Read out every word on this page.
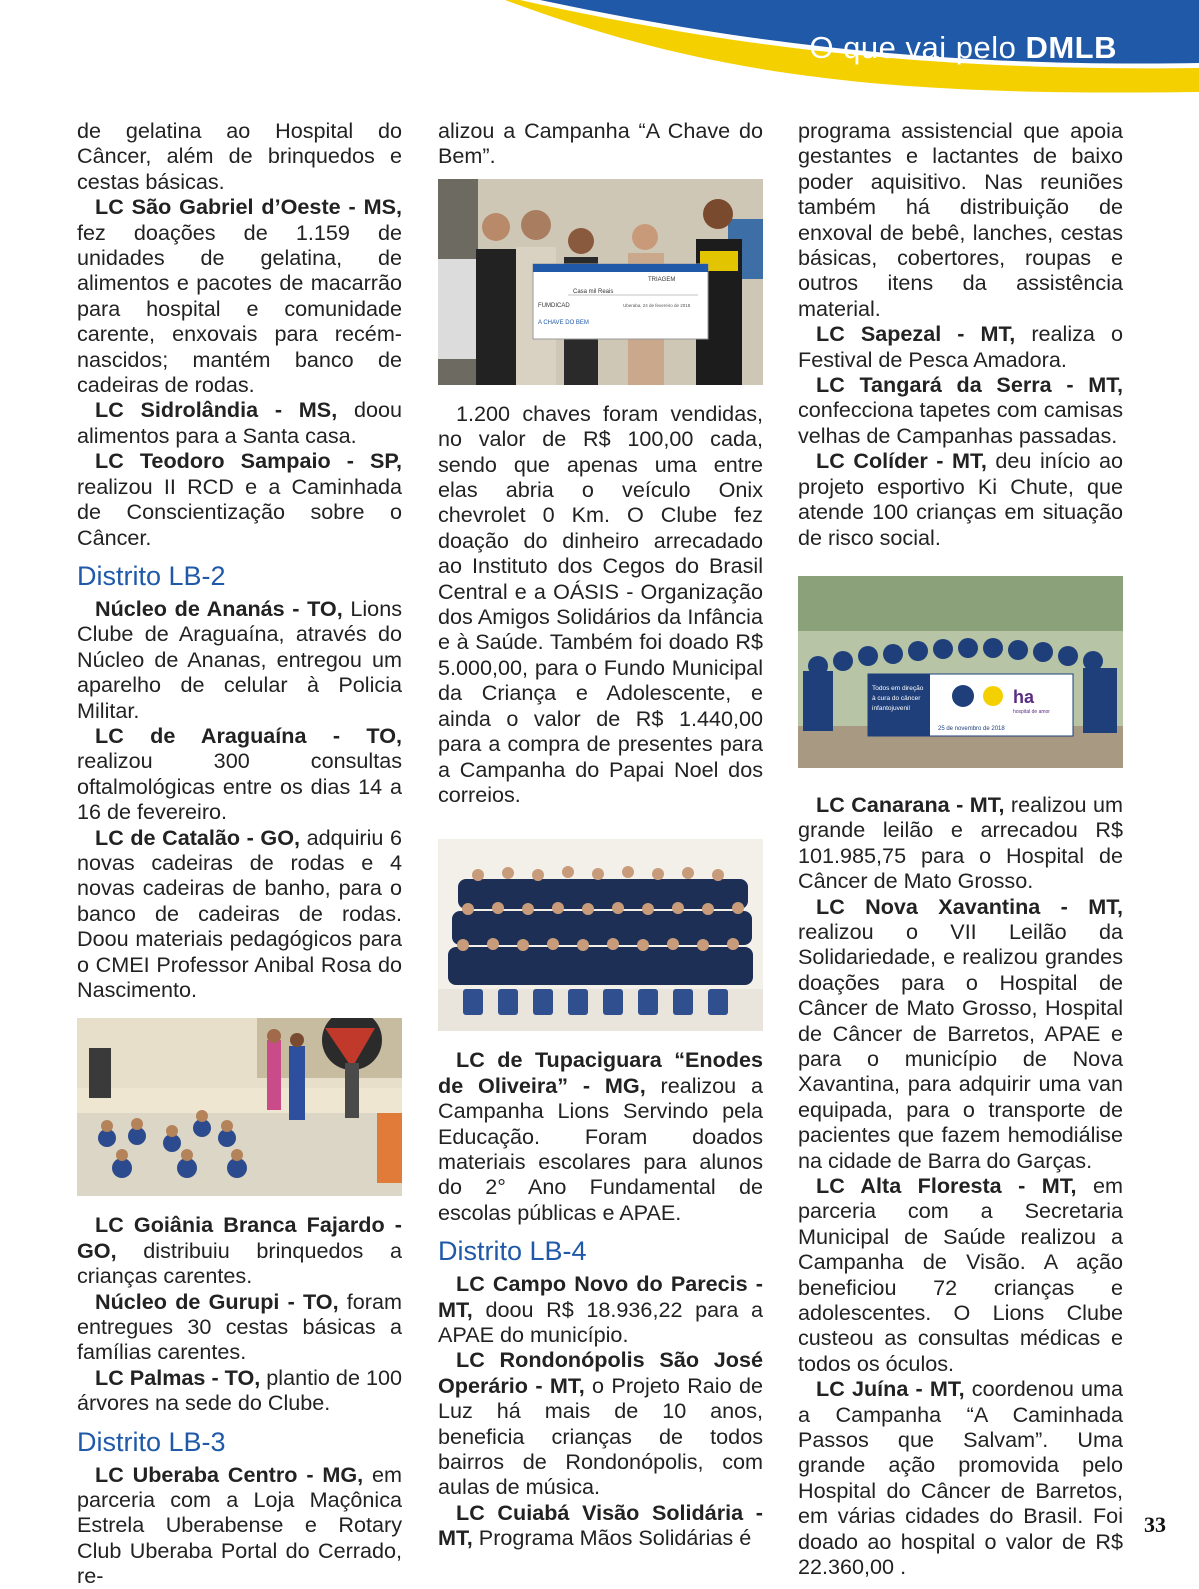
O que vai pelo DMLB

de gelatina ao Hospital do Câncer, além de brinquedos e cestas básicas.

LC São Gabriel d’Oeste - MS, fez doações de 1.159 de unidades de gelatina, de alimentos e pacotes de macarrão para hospital e comunidade carente, enxovais para recém-nascidos; mantém banco de cadeiras de rodas.

LC Sidrolândia - MS, doou alimentos para a Santa casa.

LC Teodoro Sampaio - SP, realizou II RCD e a Caminhada de Conscientização sobre o Câncer.

Distrito LB-2

Núcleo de Ananás - TO, Lions Clube de Araguaína, através do Núcleo de Ananas, entregou um aparelho de celular à Policia Militar.

LC de Araguaína - TO, realizou 300 consultas oftalmológicas entre os dias 14 a 16 de fevereiro.

LC de Catalão - GO, adquiriu 6 novas cadeiras de rodas e 4 novas cadeiras de banho, para o banco de cadeiras de rodas. Doou materiais pedagógicos para o CMEI Professor Anibal Rosa do Nascimento.

LC Goiânia Branca Fajardo - GO, distribuiu brinquedos a crianças carentes.

Núcleo de Gurupi - TO, foram entregues 30 cestas básicas a famílias carentes.

LC Palmas - TO, plantio de 100 árvores na sede do Clube.

Distrito LB-3

LC Uberaba Centro - MG, em parceria com a Loja Maçônica Estrela Uberabense e Rotary Club Uberaba Portal do Cerrado, re-

alizou a Campanha “A Chave do Bem”.

TRIAGEM
Casa mil Reais
FUMDICAD
A CHAVE DO BEM
Uberaba, 24 de fevereiro de 2018

1.200 chaves foram vendidas, no valor de R$ 100,00 cada, sendo que apenas uma entre elas abria o veículo Onix chevrolet 0 Km. O Clube fez doação do dinheiro arrecadado ao Instituto dos Cegos do Brasil Central e a OÁSIS - Organização dos Amigos Solidários da Infância e à Saúde. Também foi doado R$ 5.000,00, para o Fundo Municipal da Criança e Adolescente, e ainda o valor de R$ 1.440,00 para a compra de presentes para a Campanha do Papai Noel dos correios.

LC de Tupaciguara “Enodes de Oliveira” - MG, realizou a Campanha Lions Servindo pela Educação. Foram doados materiais escolares para alunos do 2° Ano Fundamental de escolas públicas e APAE.

Distrito LB-4

LC Campo Novo do Parecis - MT, doou R$ 18.936,22 para a APAE do município.

LC Rondonópolis São José Operário - MT, o Projeto Raio de Luz há mais de 10 anos, beneficia crianças de todos bairros de Rondonópolis, com aulas de música.

LC Cuiabá Visão Solidária - MT, Programa Mãos Solidárias é

programa assistencial que apoia gestantes e lactantes de baixo poder aquisitivo. Nas reuniões também há distribuição de enxoval de bebê, lanches, cestas básicas, cobertores, roupas e outros itens da assistência material.

LC Sapezal - MT, realiza o Festival de Pesca Amadora.

LC Tangará da Serra - MT, confecciona tapetes com camisas velhas de Campanhas passadas.

LC Colíder - MT, deu início ao projeto esportivo Ki Chute, que atende 100 crianças em situação de risco social.

Todos em direção
à cura do câncer
infantojuvenil
ha
hospital de amor
25 de novembro de 2018

LC Canarana - MT, realizou um grande leilão e arrecadou R$ 101.985,75 para o Hospital de Câncer de Mato Grosso.

LC Nova Xavantina - MT, realizou o VII Leilão da Solidariedade, e realizou grandes doações para o Hospital de Câncer de Mato Grosso, Hospital de Câncer de Barretos, APAE e para o município de Nova Xavantina, para adquirir uma van equipada, para o transporte de pacientes que fazem hemodiálise na cidade de Barra do Garças.

LC Alta Floresta - MT, em parceria com a Secretaria Municipal de Saúde realizou a Campanha de Visão. A ação beneficiou 72 crianças e adolescentes. O Lions Clube custeou as consultas médicas e todos os óculos.

LC Juína - MT, coordenou uma a Campanha “A Caminhada Passos que Salvam”. Uma grande ação promovida pelo Hospital do Câncer de Barretos, em várias cidades do Brasil. Foi doado ao hospital o valor de R$ 22.360,00 .

33
